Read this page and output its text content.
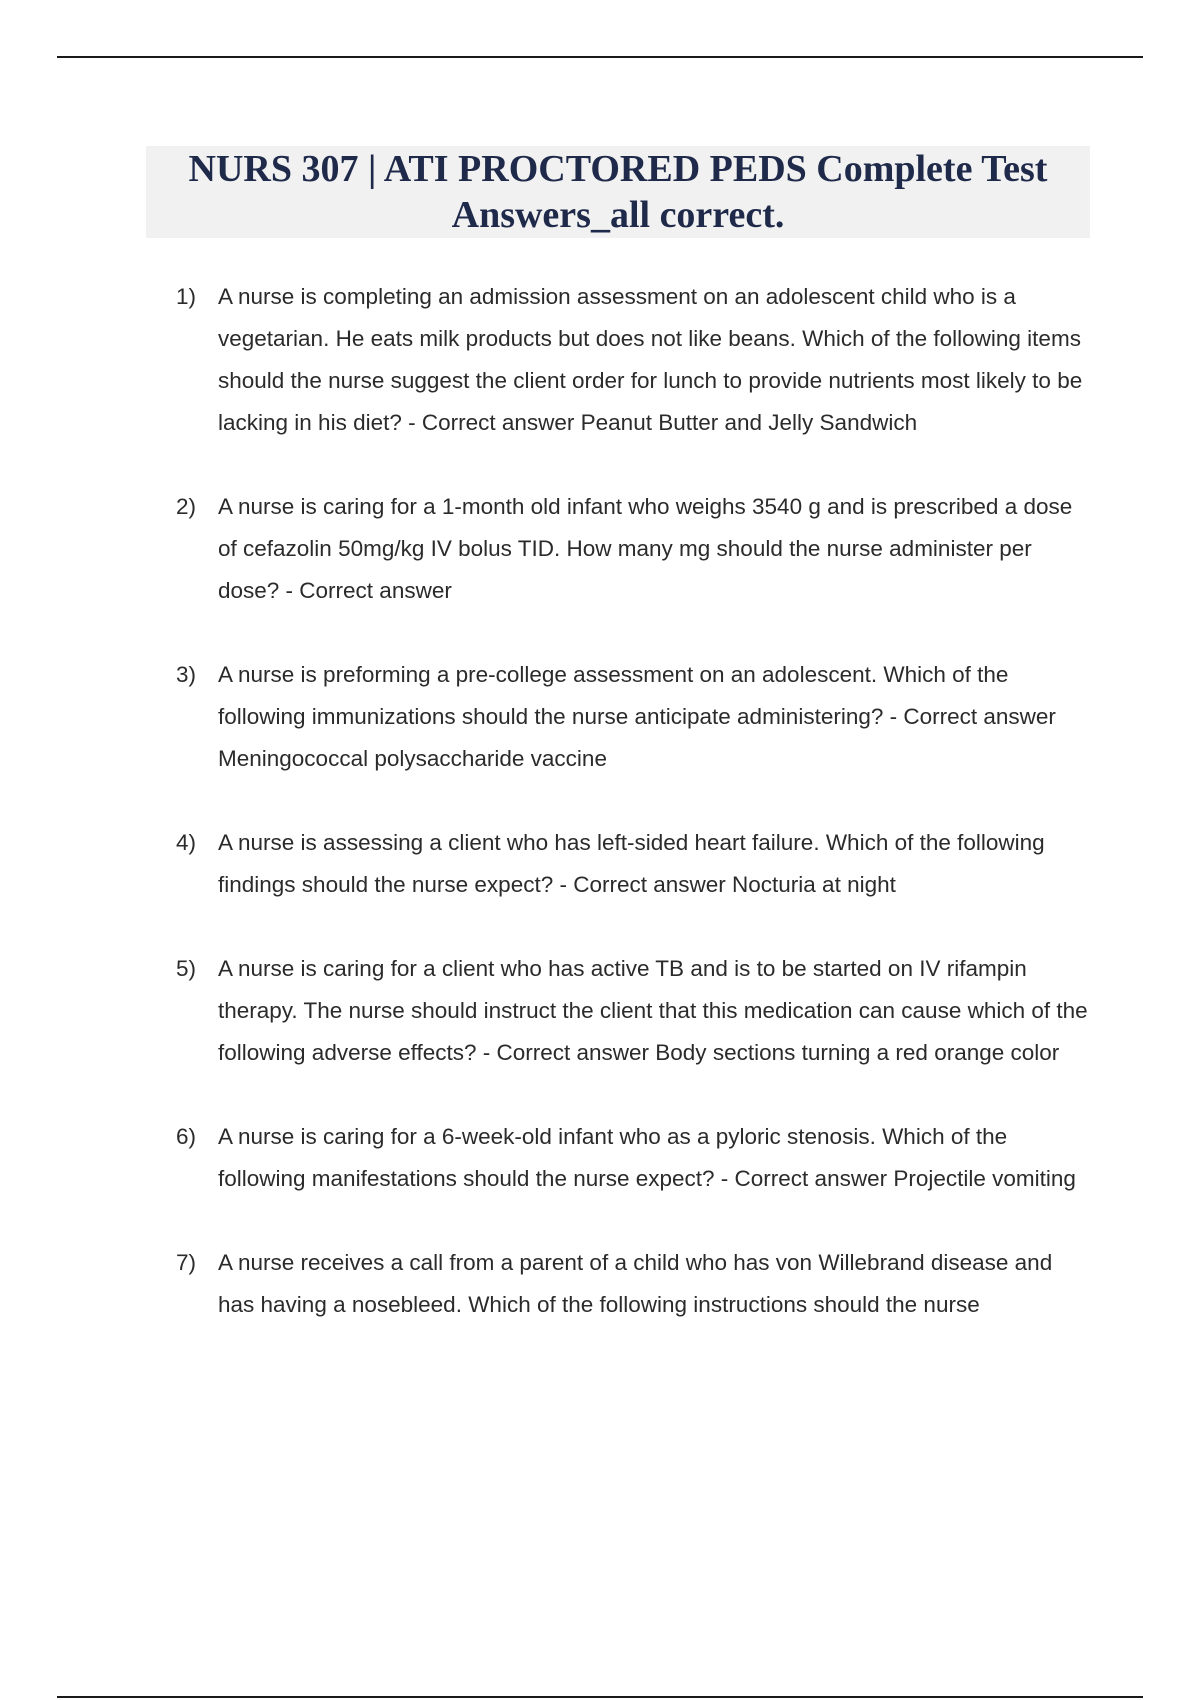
NURS 307 | ATI PROCTORED PEDS Complete Test Answers_all correct.
1) A nurse is completing an admission assessment on an adolescent child who is a vegetarian. He eats milk products but does not like beans. Which of the following items should the nurse suggest the client order for lunch to provide nutrients most likely to be lacking in his diet? - Correct answer Peanut Butter and Jelly Sandwich
2) A nurse is caring for a 1-month old infant who weighs 3540 g and is prescribed a dose of cefazolin 50mg/kg IV bolus TID. How many mg should the nurse administer per dose? - Correct answer
3) A nurse is preforming a pre-college assessment on an adolescent. Which of the following immunizations should the nurse anticipate administering? - Correct answer Meningococcal polysaccharide vaccine
4) A nurse is assessing a client who has left-sided heart failure. Which of the following findings should the nurse expect? - Correct answer Nocturia at night
5) A nurse is caring for a client who has active TB and is to be started on IV rifampin therapy. The nurse should instruct the client that this medication can cause which of the following adverse effects? - Correct answer Body sections turning a red orange color
6) A nurse is caring for a 6-week-old infant who as a pyloric stenosis. Which of the following manifestations should the nurse expect? - Correct answer Projectile vomiting
7) A nurse receives a call from a parent of a child who has von Willebrand disease and has having a nosebleed. Which of the following instructions should the nurse
